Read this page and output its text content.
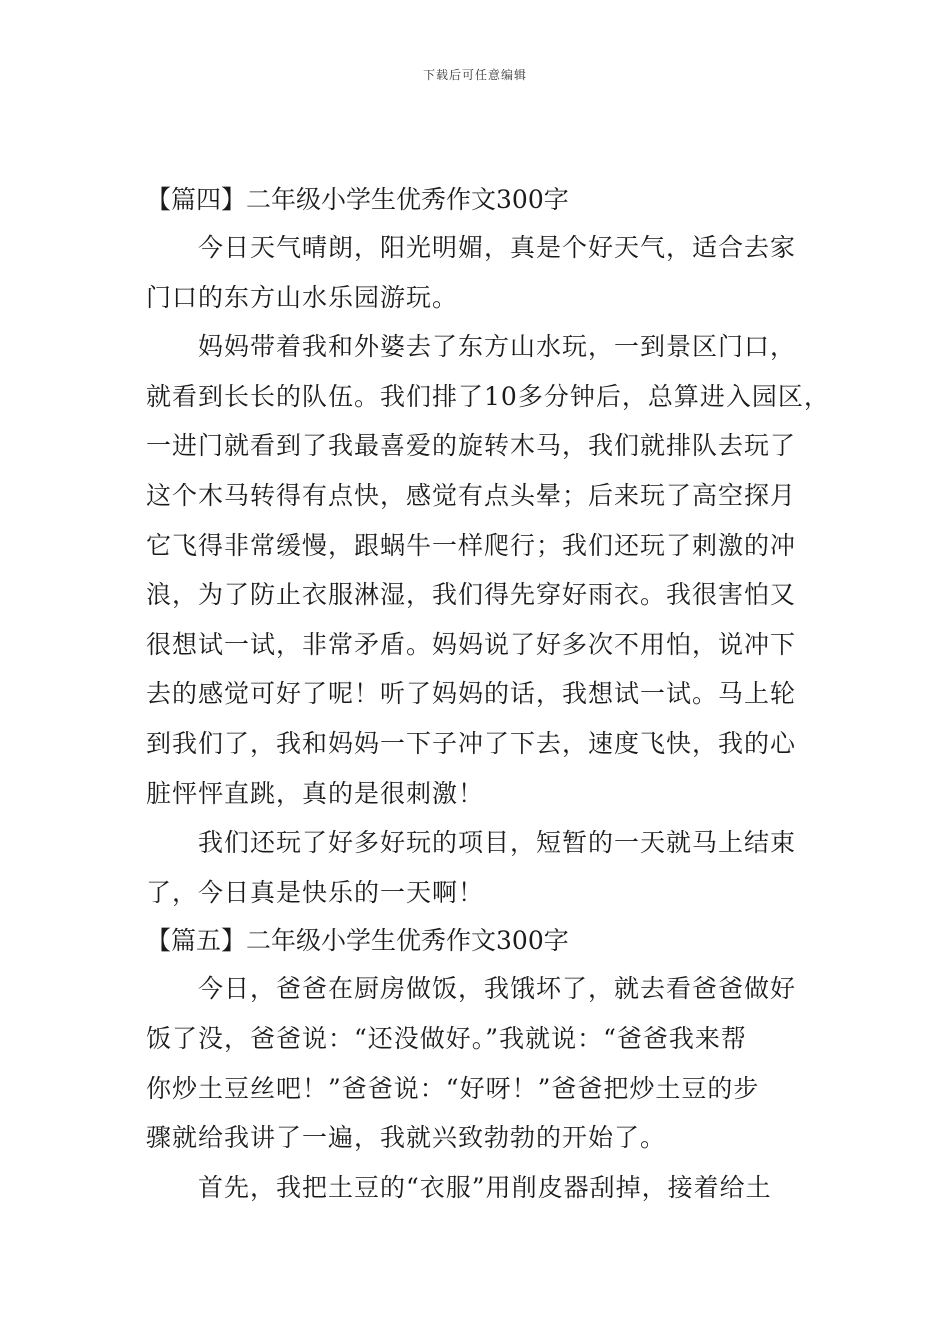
下载后可任意编辑
【篇四】二年级小学生优秀作文300字
今日天气晴朗，阳光明媚，真是个好天气，适合去家
门口的东方山水乐园游玩。
妈妈带着我和外婆去了东方山水玩，一到景区门口，
就看到长长的队伍。我们排了10多分钟后，总算进入园区，
一进门就看到了我最喜爱的旋转木马，我们就排队去玩了
这个木马转得有点快，感觉有点头晕；后来玩了高空探月
它飞得非常缓慢，跟蜗牛一样爬行；我们还玩了刺激的冲
浪，为了防止衣服淋湿，我们得先穿好雨衣。我很害怕又
很想试一试，非常矛盾。妈妈说了好多次不用怕，说冲下
去的感觉可好了呢！听了妈妈的话，我想试一试。马上轮
到我们了，我和妈妈一下子冲了下去，速度飞快，我的心
脏怦怦直跳，真的是很刺激！
我们还玩了好多好玩的项目，短暂的一天就马上结束
了，今日真是快乐的一天啊！
【篇五】二年级小学生优秀作文300字
今日，爸爸在厨房做饭，我饿坏了，就去看爸爸做好
饭了没，爸爸说：“还没做好。”我就说：“爸爸我来帮
你炒土豆丝吧！”爸爸说：“好呀！”爸爸把炒土豆的步
骤就给我讲了一遍，我就兴致勃勃的开始了。
首先，我把土豆的“衣服”用削皮器刮掉，接着给土
